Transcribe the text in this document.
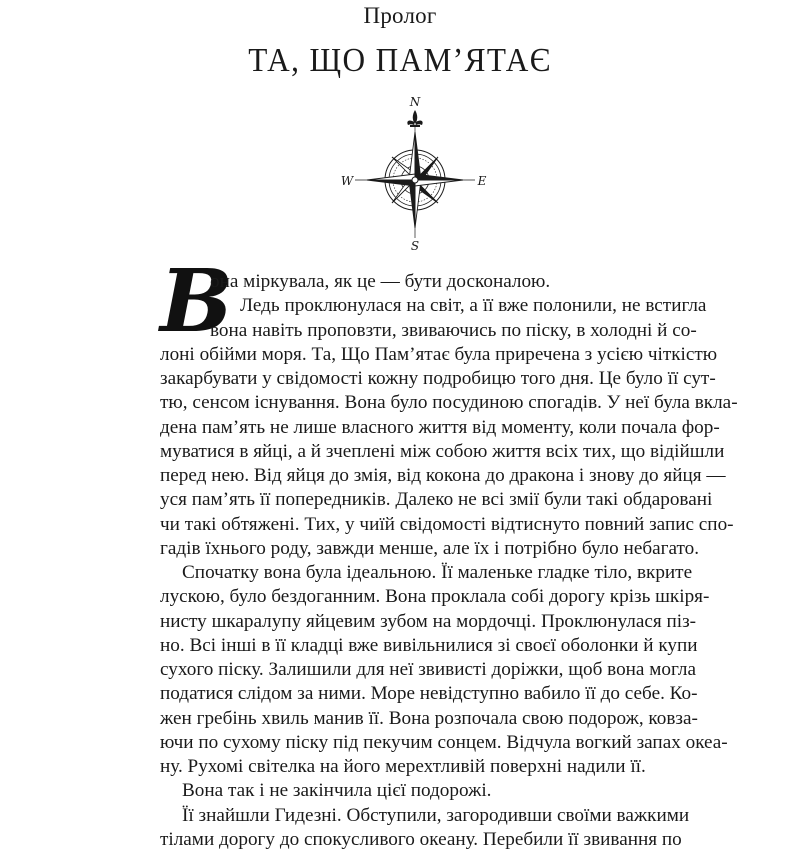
Пролог
ТА, ЩО ПАМ’ЯТАЄ
N
S
E
W
В
она міркувала, як це — бути досконалою.
Ледь проклюнулася на світ, а її вже полонили, не встигла
вона навіть проповзти, звиваючись по піску, в холодні й со-
лоні обійми моря. Та, Що Пам’ятає була приречена з усією чіткістю
закарбувати у свідомості кожну подробицю того дня. Це було її сут-
тю, сенсом існування. Вона було посудиною спогадів. У неї була вкла-
дена пам’ять не лише власного життя від моменту, коли почала фор-
муватися в яйці, а й зчеплені між собою життя всіх тих, що відійшли
перед нею. Від яйця до змія, від кокона до дракона і знову до яйця —
уся пам’ять її попередників. Далеко не всі змії були такі обдаровані
чи такі обтяжені. Тих, у чиїй свідомості відтиснуто повний запис спо-
гадів їхнього роду, завжди менше, але їх і потрібно було небагато.
Спочатку вона була ідеальною. Її маленьке гладке тіло, вкрите
лускою, було бездоганним. Вона проклала собі дорогу крізь шкіря-
нисту шкаралупу яйцевим зубом на мордочці. Проклюнулася піз-
но. Всі інші в її кладці вже вивільнилися зі своєї оболонки й купи
сухого піску. Залишили для неї звивисті доріжки, щоб вона могла
податися слідом за ними. Море невідступно вабило її до себе. Ко-
жен гребінь хвиль манив її. Вона розпочала свою подорож, ковза-
ючи по сухому піску під пекучим сонцем. Відчула вогкий запах океа-
ну. Рухомі світелка на його мерехтливій поверхні надили її.
Вона так і не закінчила цієї подорожі.
Її знайшли Гидезні. Обступили, загородивши своїми важкими
тілами дорогу до спокусливого океану. Перебили її звивання по
